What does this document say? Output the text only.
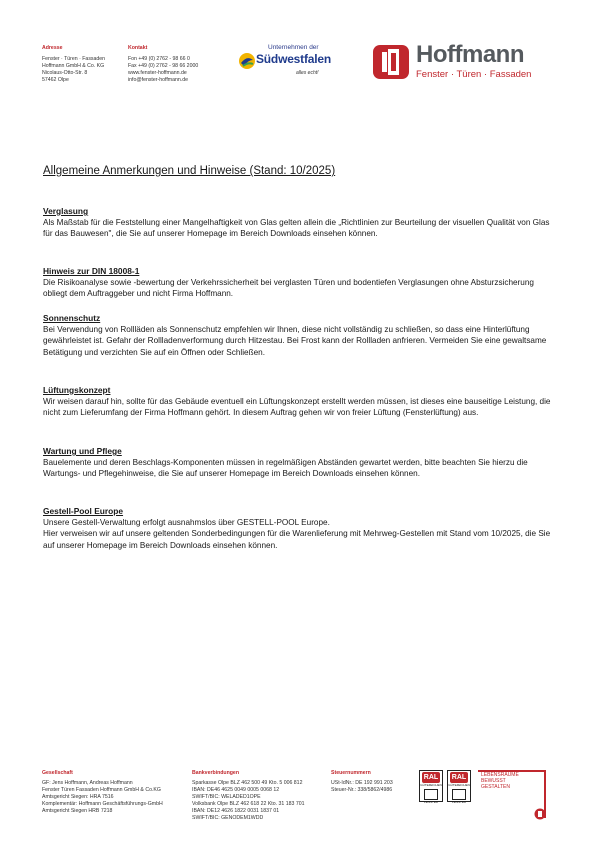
Adresse
Fenster · Türen · Fassaden
Hoffmann GmbH & Co. KG
Nicolaus-Otto-Str. 8
57462 Olpe
Kontakt
Fon +49 (0) 2762 - 98 66 0
Fax +49 (0) 2762 - 98 66 2000
www.fenster-hoffmann.de
info@fenster-hoffmann.de
Unternehmen der
Südwestfalen
alles echt!
Hoffmann
Fenster · Türen · Fassaden
Allgemeine Anmerkungen und Hinweise (Stand: 10/2025)
Verglasung

Als Maßstab für die Feststellung einer Mangelhaftigkeit von Glas gelten allein die „Richtlinien zur Beurteilung der visuellen Qualität von Glas für das Bauwesen", die Sie auf unserer Homepage im Bereich Downloads einsehen können.

Hinweis zur DIN 18008-1

Die Risikoanalyse sowie -bewertung der Verkehrssicherheit bei verglasten Türen und bodentiefen Verglasungen ohne Absturzsicherung obliegt dem Auftraggeber und nicht Firma Hoffmann.

Sonnenschutz

Bei Verwendung von Rollläden als Sonnenschutz empfehlen wir Ihnen, diese nicht vollständig zu schließen, so dass eine Hinterlüftung gewährleistet ist. Gefahr der Rollladenverformung durch Hitzestau. Bei Frost kann der Rollladen anfrieren. Vermeiden Sie eine gewaltsame Betätigung und verzichten Sie auf ein Öffnen oder Schließen.

Lüftungskonzept

Wir weisen darauf hin, sollte für das Gebäude eventuell ein Lüftungskonzept erstellt werden müssen, ist dieses eine bauseitige Leistung, die nicht zum Lieferumfang der Firma Hoffmann gehört. In diesem Auftrag gehen wir von freier Lüftung (Fensterlüftung) aus.

Wartung und Pflege

Bauelemente und deren Beschlags-Komponenten müssen in regelmäßigen Abständen gewartet werden, bitte beachten Sie hierzu die Wartungs- und Pflegehinweise, die Sie auf unserer Homepage im Bereich Downloads einsehen können.

Gestell-Pool Europe

Unsere Gestell-Verwaltung erfolgt ausnahmslos über GESTELL-POOL Europe.
Hier verweisen wir auf unsere geltenden Sonderbedingungen für die Warenlieferung mit Mehrweg-Gestellen mit Stand vom 10/2025, die Sie auf unserer Homepage im Bereich Downloads einsehen können.

Gesellschaft
GF: Jens Hoffmann, Andreas Hoffmann
Fenster Türen Fassaden Hoffmann GmbH & Co.KG
Amtsgericht Siegen: HRA 7516
Komplementär: Hoffmann Geschäftsführungs-GmbH
Amtsgericht Siegen HRB 7218
Bankverbindungen
Sparkasse Olpe BLZ 462 500 49 Kto. 5 006 812
IBAN: DE46 4625 0049 0005 0068 12
SWIFT/BIC: WELADED1OPE
Volksbank Olpe BLZ 462 618 22 Kto. 31 183 701
IBAN: DE12 4626 1822 0031 1837 01
SWIFT/BIC: GENODEM1WDD
Steuernummern
USt-IdNr.: DE 192 991 203
Steuer-Nr.: 338/5862/4986
RAL
GÜTEZEICHEN
FENSTER
RAL
GÜTEZEICHEN
FENSTER
LEBENSRÄUME
BEWUSST
GESTALTEN
